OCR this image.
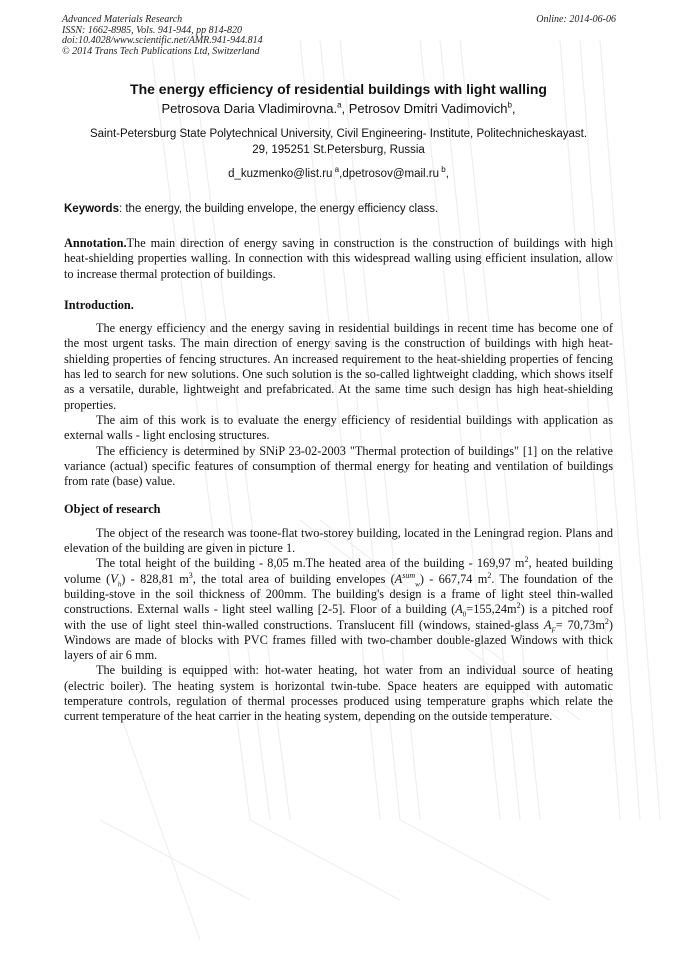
Advanced Materials Research
ISSN: 1662-8985, Vols. 941-944, pp 814-820
doi:10.4028/www.scientific.net/AMR.941-944.814
© 2014 Trans Tech Publications Ltd, Switzerland
Online: 2014-06-06
The energy efficiency of residential buildings with light walling
Petrosova Daria Vladimirovna.$^a$, Petrosov Dmitri Vadimovich$^b$,
Saint-Petersburg State Polytechnical University, Civil Engineering- Institute, Politechnicheskayast.
29, 195251 St.Petersburg, Russia
d_kuzmenko@list.ru $^a$,dpetrosov@mail.ru $^b$,
Keywords: the energy, the building envelope, the energy efficiency class.
Annotation.The main direction of energy saving in construction is the construction of buildings with high heat-shielding properties walling. In connection with this widespread walling using efficient insulation, allow to increase thermal protection of buildings.
Introduction.

The energy efficiency and the energy saving in residential buildings in recent time has become one of the most urgent tasks. The main direction of energy saving is the construction of buildings with high heat-shielding properties of fencing structures. An increased requirement to the heat-shielding properties of fencing has led to search for new solutions. One such solution is the so-called lightweight cladding, which shows itself as a versatile, durable, lightweight and prefabricated. At the same time such design has high heat-shielding properties.

The aim of this work is to evaluate the energy efficiency of residential buildings with application as external walls - light enclosing structures.

The efficiency is determined by SNiP 23-02-2003 "Thermal protection of buildings" [1] on the relative variance (actual) specific features of consumption of thermal energy for heating and ventilation of buildings from rate (base) value.

Object of research

The object of the research was toone-flat two-storey building, located in the Leningrad region. Plans and elevation of the building are given in picture 1.

The total height of the building - 8,05 m.The heated area of the building - 169,97 $m^2$, heated building volume $(V_h) - 828,81$ $m^3$, the total area of building envelopes $(A^{sum}_w) - 667,74$ $m^2$. The foundation of the building-stove in the soil thickness of 200mm. The building's design is a frame of light steel thin-walled constructions. External walls - light steel walling [2-5]. Floor of a building $(A_0=155,24m^2)$ is a pitched roof with the use of light steel thin-walled constructions. Translucent fill (windows, stained-glass $A_F= 70,73m^2$) Windows are made of blocks with PVC frames filled with two-chamber double-glazed Windows with thick layers of air 6 mm.

The building is equipped with: hot-water heating, hot water from an individual source of heating (electric boiler). The heating system is horizontal twin-tube. Space heaters are equipped with automatic temperature controls, regulation of thermal processes produced using temperature graphs which relate the current temperature of the heat carrier in the heating system, depending on the outside temperature.
